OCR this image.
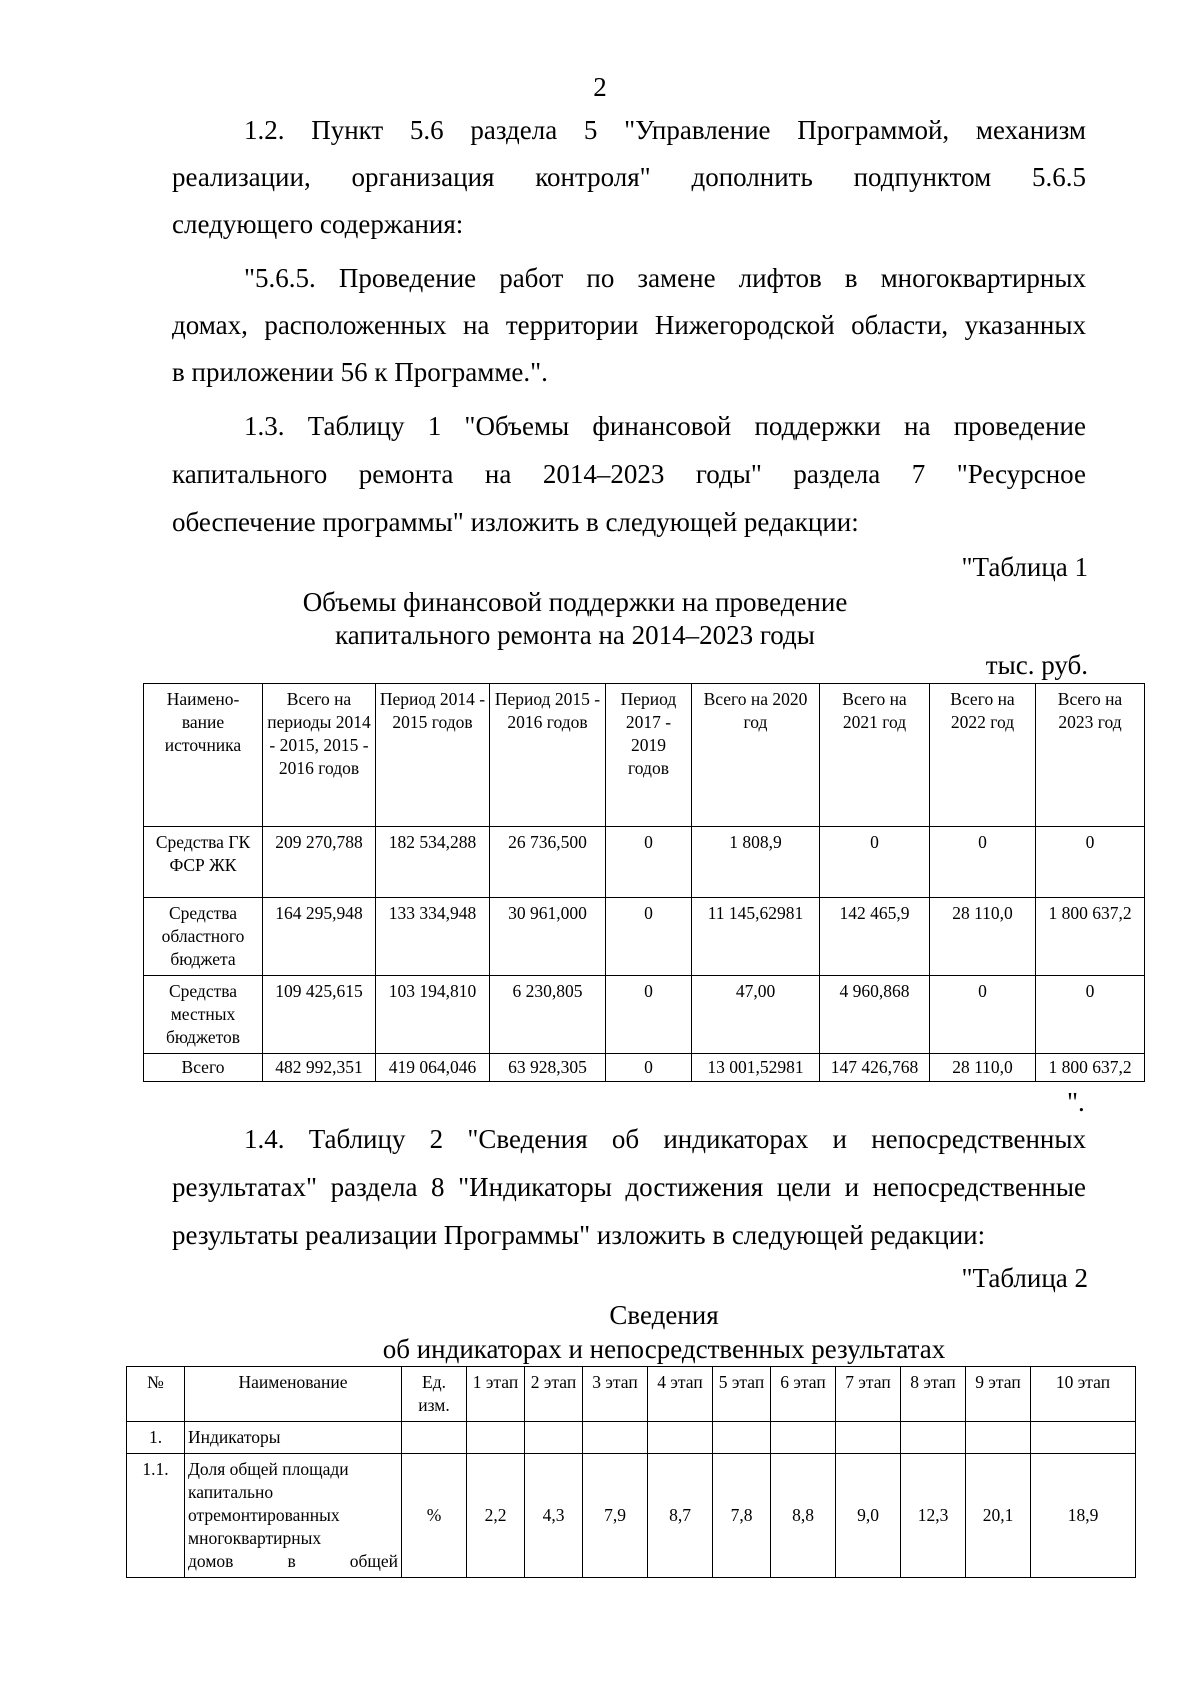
2
1.2. Пункт 5.6 раздела 5 "Управление Программой, механизм
реализации, организация контроля" дополнить подпунктом 5.6.5
следующего содержания:
"5.6.5. Проведение работ по замене лифтов в многоквартирных
домах, расположенных на территории Нижегородской области, указанных
в приложении 56 к Программе.".
1.3. Таблицу 1 "Объемы финансовой поддержки на проведение
капитального ремонта на 2014–2023 годы" раздела 7 "Ресурсное
обеспечение программы" изложить в следующей редакции:
"Таблица 1
Объемы финансовой поддержки на проведение
капитального ремонта на 2014–2023 годы
тыс. руб.
Наимено-вание источника	Всего на периоды 2014 - 2015, 2015 - 2016 годов	Период 2014 - 2015 годов	Период 2015 - 2016 годов	Период 2017 - 2019 годов	Всего на 2020 год	Всего на 2021 год	Всего на 2022 год	Всего на 2023 год
Средства ГК ФСР ЖК	209 270,788	182 534,288	26 736,500	0	1 808,9	0	0	0
Средства областного бюджета	164 295,948	133 334,948	30 961,000	0	11 145,62981	142 465,9	28 110,0	1 800 637,2
Средства местных бюджетов	109 425,615	103 194,810	6 230,805	0	47,00	4 960,868	0	0
Всего	482 992,351	419 064,046	63 928,305	0	13 001,52981	147 426,768	28 110,0	1 800 637,2
".
1.4. Таблицу 2 "Сведения об индикаторах и непосредственных
результатах" раздела 8 "Индикаторы достижения цели и непосредственные
результаты реализации Программы" изложить в следующей редакции:
"Таблица 2
Сведения
об индикаторах и непосредственных результатах
№	Наименование	Ед. изм.	1 этап	2 этап	3 этап	4 этап	5 этап	6 этап	7 этап	8 этап	9 этап	10 этап
1.	Индикаторы											
1.1.	Доля общей площади
капитально
отремонтированных
многоквартирных
домов в общей	%	2,2	4,3	7,9	8,7	7,8	8,8	9,0	12,3	20,1	18,9
